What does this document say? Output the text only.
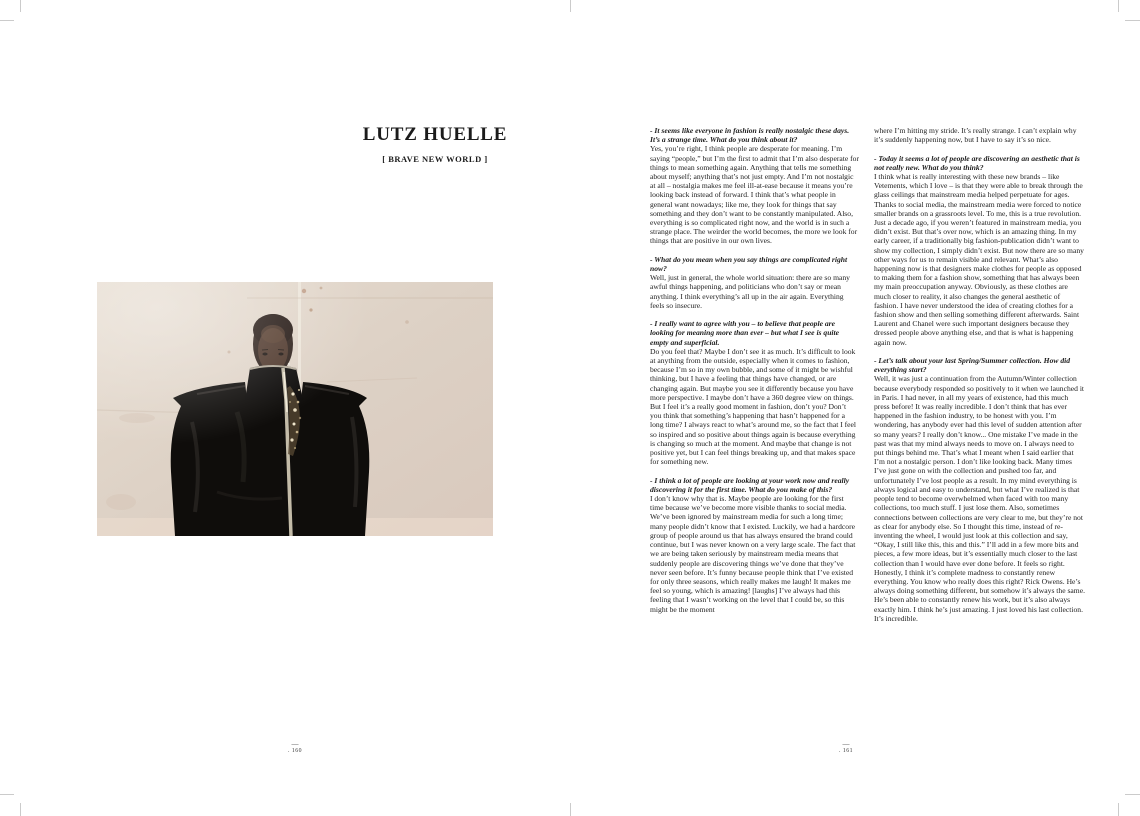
LUTZ HUELLE
[ BRAVE NEW WORLD ]
—
. 160

- It seems like everyone in fashion is really nostalgic these days. It’s a strange time. What do you think about it?

Yes, you’re right, I think people are desperate for meaning. I’m saying “people,” but I’m the first to admit that I’m also desperate for things to mean something again. Anything that tells me something about myself; anything that’s not just empty. And I’m not nostalgic at all – nostalgia makes me feel ill-at-ease because it means you’re looking back instead of forward. I think that’s what people in general want nowadays; like me, they look for things that say something and they don’t want to be constantly manipulated. Also, everything is so complicated right now, and the world is in such a strange place. The weirder the world becomes, the more we look for things that are positive in our own lives.

- What do you mean when you say things are complicated right now?

Well, just in general, the whole world situation: there are so many awful things happening, and politicians who don’t say or mean anything. I think everything’s all up in the air again. Everything feels so insecure.

- I really want to agree with you – to believe that people are looking for meaning more than ever – but what I see is quite empty and superficial.

Do you feel that? Maybe I don’t see it as much. It’s difficult to look at anything from the outside, especially when it comes to fashion, because I’m so in my own bubble, and some of it might be wishful thinking, but I have a feeling that things have changed, or are changing again. But maybe you see it differently because you have more perspective. I maybe don’t have a 360 degree view on things. But I feel it’s a really good moment in fashion, don’t you? Don’t you think that something’s happening that hasn’t happened for a long time? I always react to what’s around me, so the fact that I feel so inspired and so positive about things again is because everything is changing so much at the moment. And maybe that change is not positive yet, but I can feel things breaking up, and that makes space for something new.

- I think a lot of people are looking at your work now and really discovering it for the first time. What do you make of this?

I don’t know why that is. Maybe people are looking for the first time because we’ve become more visible thanks to social media. We’ve been ignored by mainstream media for such a long time; many people didn’t know that I existed. Luckily, we had a hardcore group of people around us that has always ensured the brand could continue, but I was never known on a very large scale. The fact that we are being taken seriously by mainstream media means that suddenly people are discovering things we’ve done that they’ve never seen before. It’s funny because people think that I’ve existed for only three seasons, which really makes me laugh! It makes me feel so young, which is amazing! [laughs] I’ve always had this feeling that I wasn’t working on the level that I could be, so this might be the moment

where I’m hitting my stride. It’s really strange. I can’t explain why it’s suddenly happening now, but I have to say it’s so nice.

- Today it seems a lot of people are discovering an aesthetic that is not really new. What do you think?

I think what is really interesting with these new brands – like Vetements, which I love – is that they were able to break through the glass ceilings that mainstream media helped perpetuate for ages. Thanks to social media, the mainstream media were forced to notice smaller brands on a grassroots level. To me, this is a true revolution. Just a decade ago, if you weren’t featured in mainstream media, you didn’t exist. But that’s over now, which is an amazing thing. In my early career, if a traditionally big fashion-publication didn’t want to show my collection, I simply didn’t exist. But now there are so many other ways for us to remain visible and relevant. What’s also happening now is that designers make clothes for people as opposed to making them for a fashion show, something that has always been my main preoccupation anyway. Obviously, as these clothes are much closer to reality, it also changes the general aesthetic of fashion. I have never understood the idea of creating clothes for a fashion show and then selling something different afterwards. Saint Laurent and Chanel were such important designers because they dressed people above anything else, and that is what is happening again now.

- Let’s talk about your last Spring/Summer collection. How did everything start?

Well, it was just a continuation from the Autumn/Winter collection because everybody responded so positively to it when we launched it in Paris. I had never, in all my years of existence, had this much press before! It was really incredible. I don’t think that has ever happened in the fashion industry, to be honest with you. I’m wondering, has anybody ever had this level of sudden attention after so many years? I really don’t know... One mistake I’ve made in the past was that my mind always needs to move on. I always need to put things behind me. That’s what I meant when I said earlier that I’m not a nostalgic person. I don’t like looking back. Many times I’ve just gone on with the collection and pushed too far, and unfortunately I’ve lost people as a result. In my mind everything is always logical and easy to understand, but what I’ve realized is that people tend to become overwhelmed when faced with too many collections, too much stuff. I just lose them. Also, sometimes connections between collections are very clear to me, but they’re not as clear for anybody else. So I thought this time, instead of re-inventing the wheel, I would just look at this collection and say, “Okay, I still like this, this and this.” I’ll add in a few more bits and pieces, a few more ideas, but it’s essentially much closer to the last collection than I would have ever done before. It feels so right. Honestly, I think it’s complete madness to constantly renew everything. You know who really does this right? Rick Owens. He’s always doing something different, but somehow it’s always the same. He’s been able to constantly renew his work, but it’s also always exactly him. I think he’s just amazing. I just loved his last collection. It’s incredible.

—
. 161
